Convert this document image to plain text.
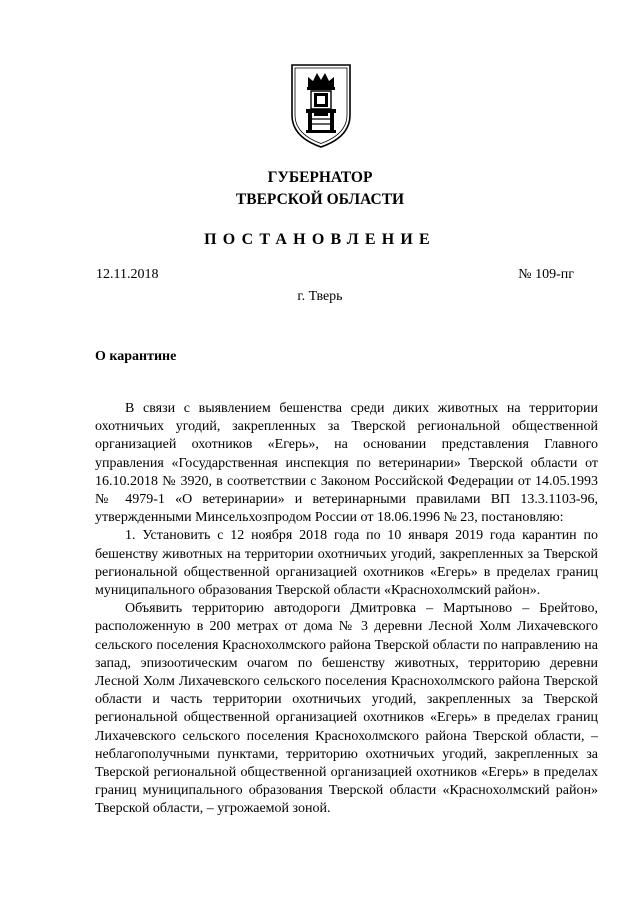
ГУБЕРНАТОР
ТВЕРСКОЙ ОБЛАСТИ
ПОСТАНОВЛЕНИЕ
12.11.2018	№ 109-пг
г. Тверь
О карантине

В связи с выявлением бешенства среди диких животных на территории охотничьих угодий, закрепленных за Тверской региональной общественной организацией охотников «Егерь», на основании представления Главного управления «Государственная инспекция по ветеринарии» Тверской области от 16.10.2018 № 3920, в соответствии с Законом Российской Федерации от 14.05.1993 № 4979-1 «О ветеринарии» и ветеринарными правилами ВП 13.3.1103-96, утвержденными Минсельхозпродом России от 18.06.1996 № 23, постановляю:

1. Установить с 12 ноября 2018 года по 10 января 2019 года карантин по бешенству животных на территории охотничьих угодий, закрепленных за Тверской региональной общественной организацией охотников «Егерь» в пределах границ муниципального образования Тверской области «Краснохолмский район».

Объявить территорию автодороги Дмитровка – Мартыново – Брейтово, расположенную в 200 метрах от дома № 3 деревни Лесной Холм Лихачевского сельского поселения Краснохолмского района Тверской области по направлению на запад, эпизоотическим очагом по бешенству животных, территорию деревни Лесной Холм Лихачевского сельского поселения Краснохолмского района Тверской области и часть территории охотничьих угодий, закрепленных за Тверской региональной общественной организацией охотников «Егерь» в пределах границ Лихачевского сельского поселения Краснохолмского района Тверской области, – неблагополучными пунктами, территорию охотничьих угодий, закрепленных за Тверской региональной общественной организацией охотников «Егерь» в пределах границ муниципального образования Тверской области «Краснохолмский район» Тверской области, – угрожаемой зоной.
